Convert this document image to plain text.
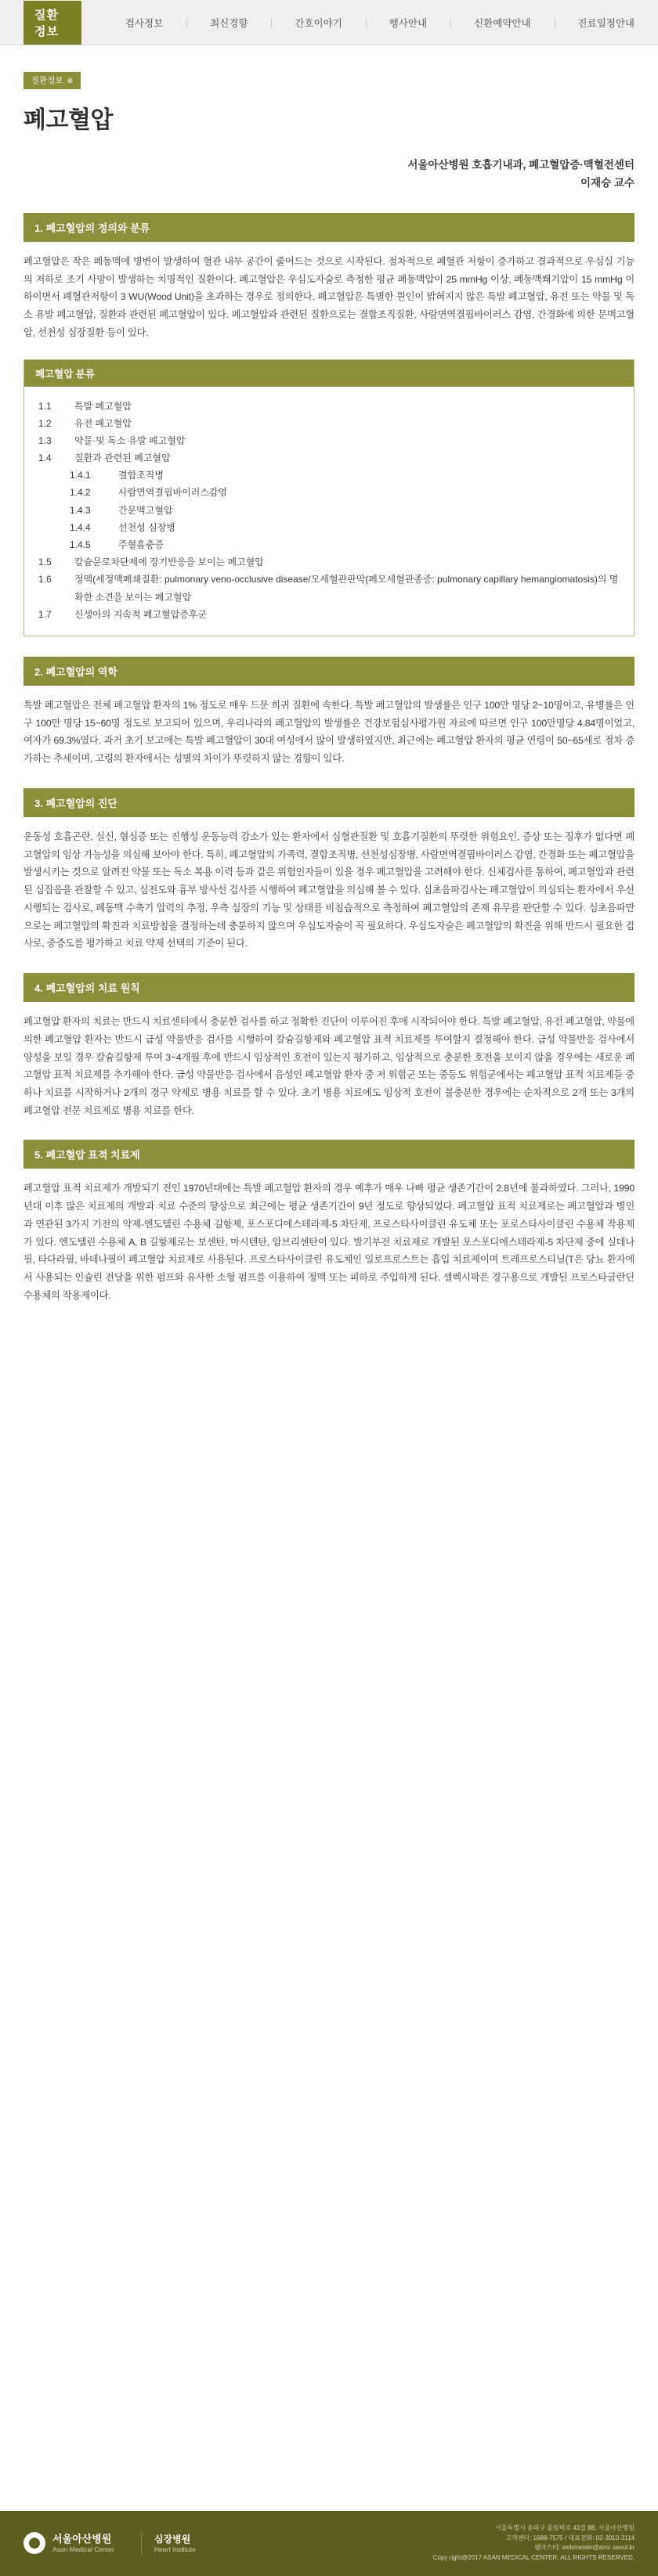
질환정보
검사정보	최신경향	간호이야기	행사안내	신환예약안내	진료일정안내
질환정보 ⊕
폐고혈압
서울아산병원 호흡기내과, 폐고혈압증·맥혈전센터
이재승 교수
1. 폐고혈압의 정의와 분류

폐고혈압은 작은 폐동맥에 병변이 발생하여 혈관 내부 공간이 줄어드는 것으로 시작된다. 점차적으로 폐혈관 저항이 증가하고 결과적으로 우심실 기능의 저하로 조기 사망이 발생하는 치명적인 질환이다. 폐고혈압은 우심도자술로 측정한 평균 폐동맥압이 25 mmHg 이상, 폐동맥쐐기압이 15 mmHg 이하이면서 폐혈관저항이 3 WU(Wood Unit)을 초과하는 경우로 정의한다. 폐고혈압은 특별한 원인이 밝혀지지 않은 특발 폐고혈압, 유전 또는 약물 및 독소 유발 폐고혈압, 질환과 관련된 폐고혈압이 있다. 폐고혈압과 관련된 질환으로는 결합조직질환, 사람면역결핍바이러스 감염, 간경화에 의한 문맥고혈압, 선천성 심장질환 등이 있다.

폐고혈압 분류
1.1	특발 폐고혈압
1.2	유전 폐고혈압
1.3	약물·및 독소 유발 폐고혈압
1.4	질환과 관련된 폐고혈압
1.4.1	결합조직병
1.4.2	사람면역결핍바이러스감염
1.4.3	간문맥고혈압
1.4.4	선천성 심장병
1.4.5	주혈흡충증
1.5	칼슘문로차단제에 장기반응을 보이는 폐고혈압
1.6	정맥(세정맥폐쇄질환: pulmonary veno-occlusive disease/모세혈관판막(폐모세혈관종증: pulmonary capillary hemangiomatosis)의 명확한 소견을 보이는 폐고혈압
1.7	신생아의 지속적 폐고혈압증후군
2. 폐고혈압의 역학

특발 폐고혈압은 전체 폐고혈압 환자의 1% 정도로 매우 드문 희귀 질환에 속한다. 특발 폐고혈압의 발생률은 인구 100만 명당 2~10명이고, 유병률은 인구 100만 명당 15~60명 정도로 보고되어 있으며, 우리나라의 폐고혈압의 발생률은 건강보험심사평가원 자료에 따르면 인구 100만명당 4.84명이었고, 여자가 69.3%였다. 과거 초기 보고에는 특발 폐고혈압이 30대 여성에서 많이 발생하였지만, 최근에는 폐고혈압 환자의 평균 연령이 50~65세로 점차 증가하는 추세이며, 고령의 환자에서는 성별의 차이가 뚜렷하지 않는 경향이 있다.

3. 폐고혈압의 진단

운동성 호흡곤란, 실신, 협심증 또는 진행성 운동능력 감소가 있는 환자에서 심혈관질환 및 호흡기질환의 뚜렷한 위험요인, 증상 또는 징후가 없다면 폐고혈압의 임상 가능성을 의심해 보아야 한다. 특히, 폐고혈압의 가족력, 결합조직병, 선천성심장병, 사람면역결핍바이러스 감염, 간경화 또는 폐고혈압을 발생시키는 것으로 알려진 약물 또는 독소 복용 이력 등과 같은 위험인자들이 있을 경우 폐고혈압을 고려해야 한다. 신체검사를 통하여, 폐고혈압과 관련된 심잡음을 관찰할 수 있고, 심전도와 흉부 방사선 검사를 시행하여 폐고혈압을 의심해 볼 수 있다. 심초음파검사는 폐고혈압이 의심되는 환자에서 우선 시행되는 검사로, 폐동맥 수축기 압력의 추정, 우측 심장의 기능 및 상태를 비침습적으로 측정하여 폐고혈압의 존재 유무를 판단할 수 있다. 심초음파만으로는 폐고혈압의 확진과 치료방침을 결정하는데 충분하지 않으며 우심도자술이 꼭 필요하다. 우심도자술은 폐고혈압의 확진을 위해 반드시 필요한 검사로, 중증도를 평가하고 치료 약제 선택의 기준이 된다.

4. 폐고혈압의 치료 원칙

폐고혈압 환자의 치료는 반드시 치료센터에서 충분한 검사를 하고 정확한 진단이 이루어진 후에 시작되어야 한다. 특발 폐고혈압, 유전 폐고혈압, 약물에 의한 폐고혈압 환자는 반드시 급성 약물반응 검사를 시행하여 칼슘길항제와 폐고혈압 표적 치료제를 투여할지 결정해야 한다. 급성 약물반응 검사에서 양성을 보일 경우 칼슘길항제 투여 3~4개월 후에 반드시 임상적인 호전이 있는지 평가하고, 임상적으로 충분한 호전을 보이지 않을 경우에는 새로운 폐고혈압 표적 치료제를 추가해야 한다. 급성 약물반응 검사에서 음성인 폐고혈압 환자 중 저 위험군 또는 중등도 위험군에서는 폐고혈압 표적 치료제들 중 하나 치료를 시작하거나 2개의 경구 약제로 병용 치료를 할 수 있다. 초기 병용 치료에도 임상적 호전이 불충분한 경우에는 순차적으로 2개 또는 3개의 폐고혈압 전문 치료제로 병용 치료를 한다.

5. 폐고혈압 표적 치료제

폐고혈압 표적 치료제가 개발되기 전인 1970년대에는 특발 폐고혈압 환자의 경우 예후가 매우 나빠 평균 생존기간이 2.8년에 불과하였다. 그러나, 1990년대 이후 많은 치료제의 개발과 치료 수준의 향상으로 최근에는 평균 생존기간이 9년 정도로 향상되었다. 폐고혈압 표적 치료제로는 폐고혈압과 병인과 연관된 3가지 기전의 약제-엔도텔린 수용체 길항제, 포스포디에스테라제-5 차단제, 프로스타사이클린 유도체 또는 포로스타사이클린 수용체 작용제가 있다. 엔도텔린 수용체 A, B 길항제로는 보센탄, 마시텐탄, 암브리센탄이 있다. 발기부전 치료제로 개발된 포스포디에스테라제-5 차단제 중에 실데나필, 타다라필, 바데나필이 폐고혈압 치료제로 사용된다. 프로스타사이클린 유도체인 일로프로스트는 흡입 치료제이며 트레프로스티닐(T은 당뇨 환자에서 사용되는 인슐린 전달을 위한 펌프와 유사한 소형 펌프를 이용하여 정맥 또는 피하로 주입하게 된다. 셀렉시팍은 경구용으로 개발된 프로스타글란딘 수용체의 작용제이다.

서울아산병원
Asan Medical Center
심장병원
Heart Institute
서울특별시 송파구 올림픽로 43길 88, 서울아산병원
고객센터: 1688-7575 / 대표전화: 02-3010-3114
웹마스터: webmaster@amc.seoul.kr
Copy right@2017 ASAN MEDICAL CENTER. ALL RIGHTS RESERVED.
